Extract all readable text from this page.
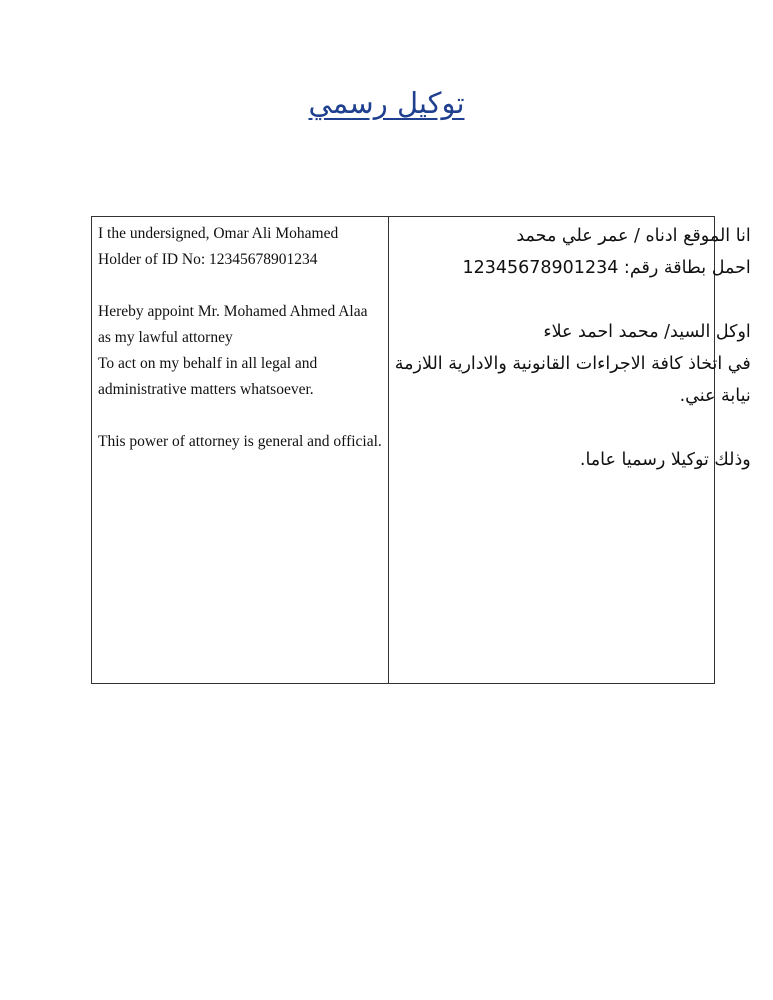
توكيل رسمي
I the undersigned, Omar Ali Mohamed
Holder of ID No: 12345678901234
Hereby appoint Mr. Mohamed Ahmed Alaa
as my lawful attorney
To act on my behalf in all legal and
administrative matters whatsoever.
This power of attorney is general and official.
انا الموقع ادناه / عمر علي محمد
احمل بطاقة رقم: 12345678901234
اوكل السيد/ محمد احمد علاء
في اتخاذ كافة الاجراءات القانونية والادارية اللازمة
نيابة عني.
وذلك توكيلا رسميا عاما.
